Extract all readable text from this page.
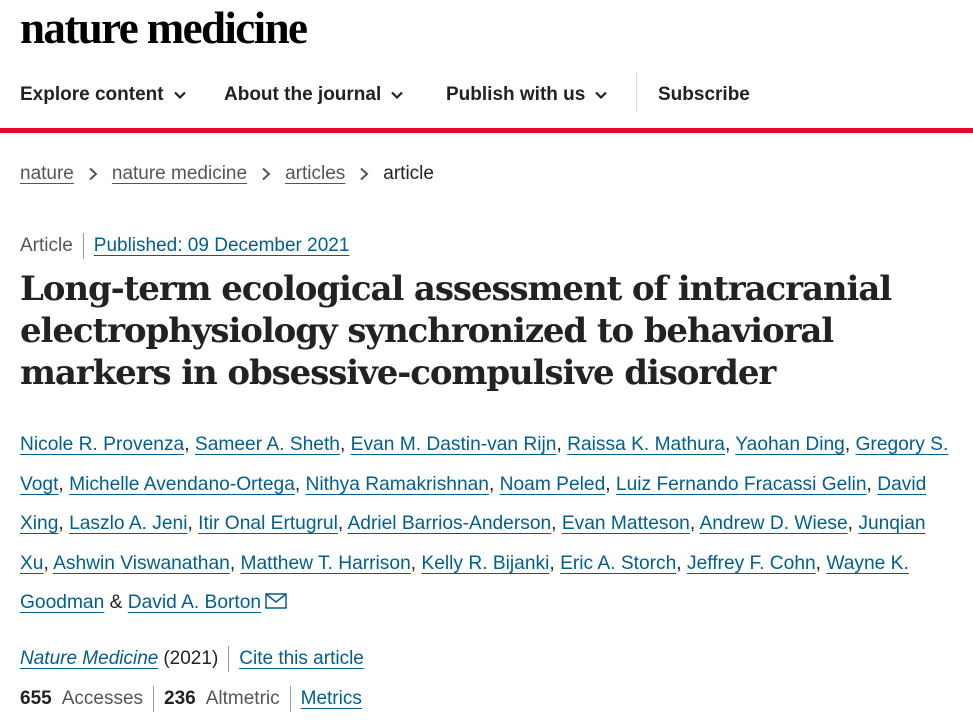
nature medicine
Explore content	About the journal	Publish with us	Subscribe
nature nature medicine articles article
Article Published: 09 December 2021
Long-term ecological assessment of intracranial electrophysiology synchronized to behavioral markers in obsessive-compulsive disorder
Nicole R. Provenza, Sameer A. Sheth, Evan M. Dastin-van Rijn, Raissa K. Mathura, Yaohan Ding, Gregory S. Vogt, Michelle Avendano-Ortega, Nithya Ramakrishnan, Noam Peled, Luiz Fernando Fracassi Gelin, David Xing, Laszlo A. Jeni, Itir Onal Ertugrul, Adriel Barrios-Anderson, Evan Matteson, Andrew D. Wiese, Junqian Xu, Ashwin Viswanathan, Matthew T. Harrison, Kelly R. Bijanki, Eric A. Storch, Jeffrey F. Cohn, Wayne K. Goodman & David A. Borton
Nature Medicine (2021) Cite this article
655 Accesses 236 Altmetric Metrics
